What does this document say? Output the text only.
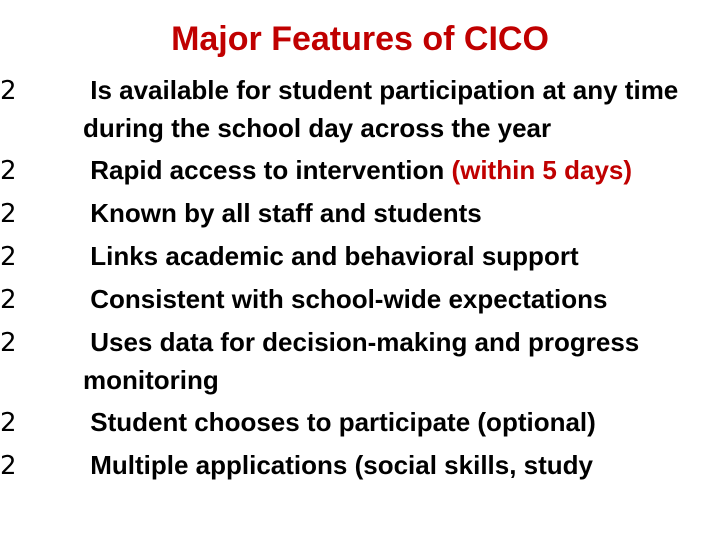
Major Features of CICO
2	Is available for student participation at any time during the school day across the year
2	Rapid access to intervention (within 5 days)
2	Known by all staff and students
2	Links academic and behavioral support
2	Consistent with school-wide expectations
2	Uses data for decision-making and progress monitoring
2	Student chooses to participate (optional)
2	Multiple applications (social skills, study
